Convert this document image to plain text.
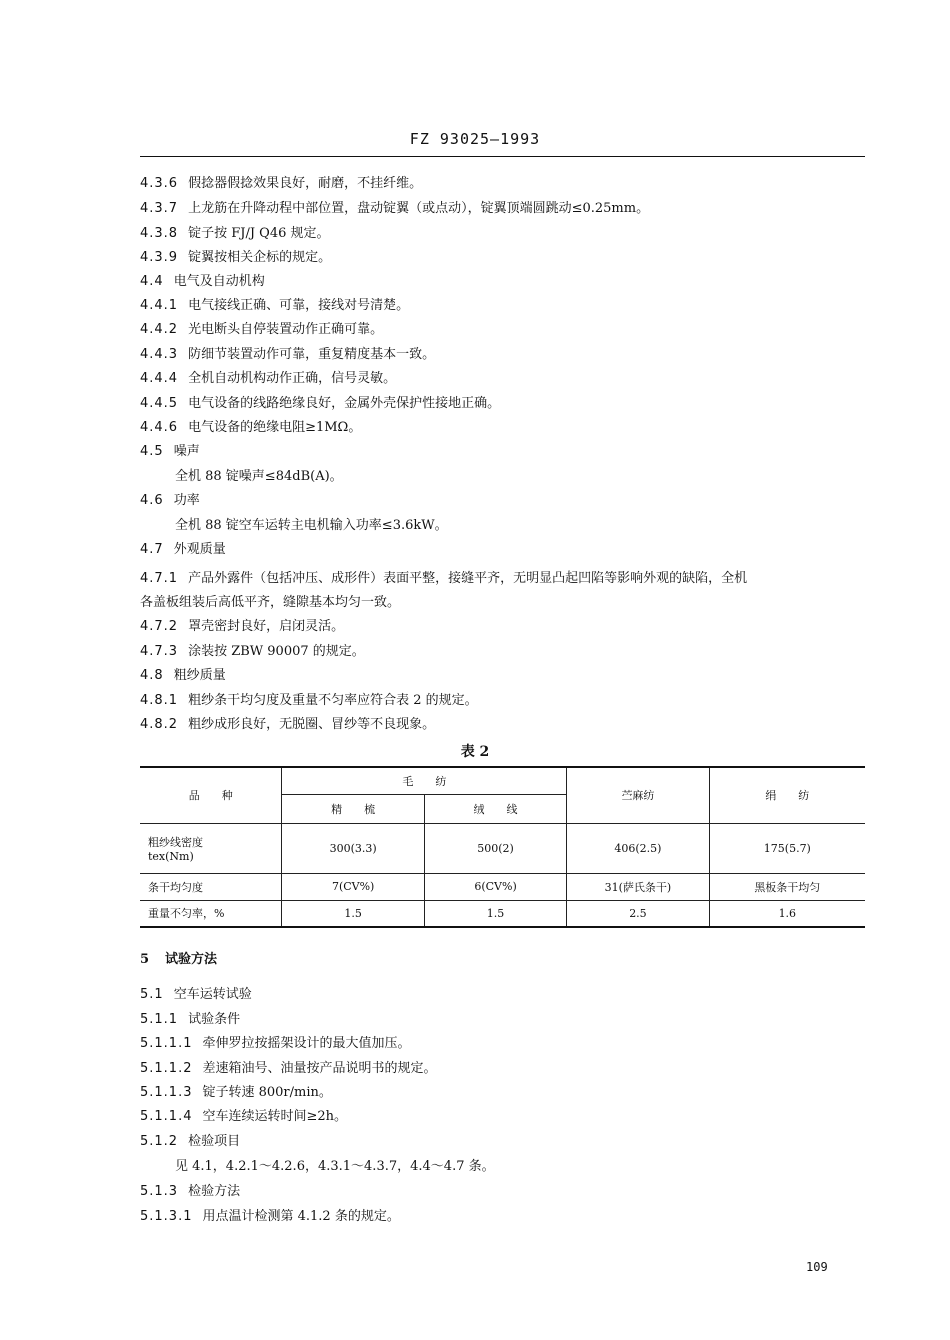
FZ 93025—1993
4.3.6 假捻器假捻效果良好，耐磨，不挂纤维。
4.3.7 上龙筋在升降动程中部位置，盘动锭翼（或点动），锭翼顶端圆跳动≤0.25mm。
4.3.8 锭子按 FJ/J Q46 规定。
4.3.9 锭翼按相关企标的规定。
4.4 电气及自动机构
4.4.1 电气接线正确、可靠，接线对号清楚。
4.4.2 光电断头自停装置动作正确可靠。
4.4.3 防细节装置动作可靠，重复精度基本一致。
4.4.4 全机自动机构动作正确，信号灵敏。
4.4.5 电气设备的线路绝缘良好，金属外壳保护性接地正确。
4.4.6 电气设备的绝缘电阻≥1MΩ。
4.5 噪声
全机 88 锭噪声≤84dB(A)。
4.6 功率
全机 88 锭空车运转主电机输入功率≤3.6kW。
4.7 外观质量
4.7.1 产品外露件（包括冲压、成形件）表面平整，接缝平齐，无明显凸起凹陷等影响外观的缺陷，全机
各盖板组装后高低平齐，缝隙基本均匀一致。
4.7.2 罩壳密封良好，启闭灵活。
4.7.3 涂装按 ZBW 90007 的规定。
4.8 粗纱质量
4.8.1 粗纱条干均匀度及重量不匀率应符合表 2 的规定。
4.8.2 粗纱成形良好，无脱圈、冒纱等不良现象。
表 2
品　　种	毛　　纺		苎麻纺	绢　　纺
	精　　梳	绒　　线		

粗纱线密度
tex(Nm)	300(3.3)	500(2)	406(2.5)	175(5.7)
条干均匀度	7(CV%)	6(CV%)	31(萨氏条干)	黑板条干均匀
重量不匀率，%	1.5	1.5	2.5	1.6
5 试验方法
5.1 空车运转试验
5.1.1 试验条件
5.1.1.1 牵伸罗拉按摇架设计的最大值加压。
5.1.1.2 差速箱油号、油量按产品说明书的规定。
5.1.1.3 锭子转速 800r/min。
5.1.1.4 空车连续运转时间≥2h。
5.1.2 检验项目
见 4.1，4.2.1～4.2.6，4.3.1～4.3.7，4.4～4.7 条。
5.1.3 检验方法
5.1.3.1 用点温计检测第 4.1.2 条的规定。
109
